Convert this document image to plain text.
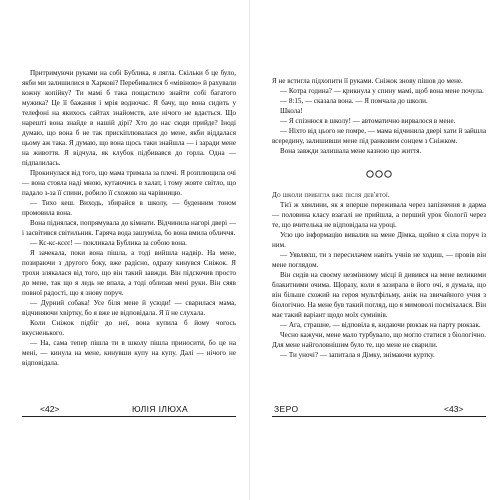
Притримуючи руками на собі Бублика, я лягла. Скільки б це було, якби ми залишилися в Харкові? Перебивалися б «мівіною» й рахували кожну копійку? Ти мамі б така пощастило знайти собі багатого мужика? Це її бажання і мрія водночас. Я бачу, що вона сидить у телефоні на якихось сайтах знайомств, але нічого не вдається. Що нарешті вона знайде в нашій дірі? Хто до нас сюди прийде? Іноді думаю, що вона б не так прискіплювалася до мене, якби віддалася цьому аж така. Я думаю, що вона щось таки знайшла — і заради мене на живоття. Я відчула, як клубок підбивався до горла. Одна — підпалилась.

Прокинулася від того, що мама тримала за плечі. Я розплющила очі — вона стояла наді мною, кутаючись в халат, і тому жовте світло, що падало з-за її спини, робило її схожою на чарівницю.

— Тихо кеш. Виходь, збирайся в школу, — буденним тоном промовила вона.

Вона піднялася, попрямувала до кімнати. Відчинила нагорі двері — і засвітився світильник. Гаряча вода зашуміла, бо вона вмила обличчя.

— Кс-кс-ксєє! — покликала Бублика за собою вона.

Я зачекала, поки вона пішла, а тоді вийшла надвір. На мене, позираючи з другого боку, вже радісно, одразу кинувся Сніжок. Я трохи злякалася від того, що він такий завжди. Він підскочив просто до мене, так що я ледь не впала, а тоді облизав мені руки. Він сяяв повної радості, що я знову поруч.

— Дурний собака! Усе біля мене й усюди! — сварилася мама, відчиняючи хвіртку, бо я вже не відповідала. Я її не слухала.

Коли Сніжок підбіг до неї, вона купила б йому чогось вкусненького.

— На, сама тепер пішла ти в школу пішла приносити, бо це на мені, — кинула на мене, кинувши купу на купу. Далі — нічого не відповідала.

<42>	ЮЛІЯ ІЛЮХА

Я не встигла підхопити її руками. Сніжок знову пішов до мене.

— Котра година? — крикнула у спину мамі, щоб вона мене почула.

— 8:15, — сказала вона. — Я помчала до школи.

Школа!

— Я спізнюся в школу! — автоматично вирвалося в мене.

— Ніхто від цього не помре, — мама відчинила двері хати й зайшла всередину, залишивши мене під ранковим сонцем з Сніжком.

Вона завжди залишала мене казною що життя.

До школи прибігла вже після дев'ятої.

Тієї ж хвилини, як я вперше переживала через запізнення в дарма — половина класу взагалі не прийшла, а перший урок біології через те, що вчителька не відповідала на уроці.

Усю цю інформацію вивалив на мене Дімка, щойно я сіла поруч із ним.

— Уявляєш, ти з пересилачем навіть учнів не ходиш, — провів він мене поглядом.

Він сидів на своєму незмінному місці й дивився на мене великими блакитними очима. Щоразу, коли я зазирала в його очі, я думала, що він більше схожий на героя мультфільму, аніж на звичайного учня з біологічно. На мене був такий погляд, що я мимоволі посміхалася. Він має такий варіант щодо моїх сумнівів.

— Ага, страшне, — відповіла я, кидаючи рюкзак на парту рюкзак.

Чесно кажучи, мене мало турбувало, що могло статися з біологічно. Для мене найголовнішим було те, що мене не сварили.

— Ти уночі? — запитала я Дімку, знімаючи куртку.

ЗЕРО	<43>
